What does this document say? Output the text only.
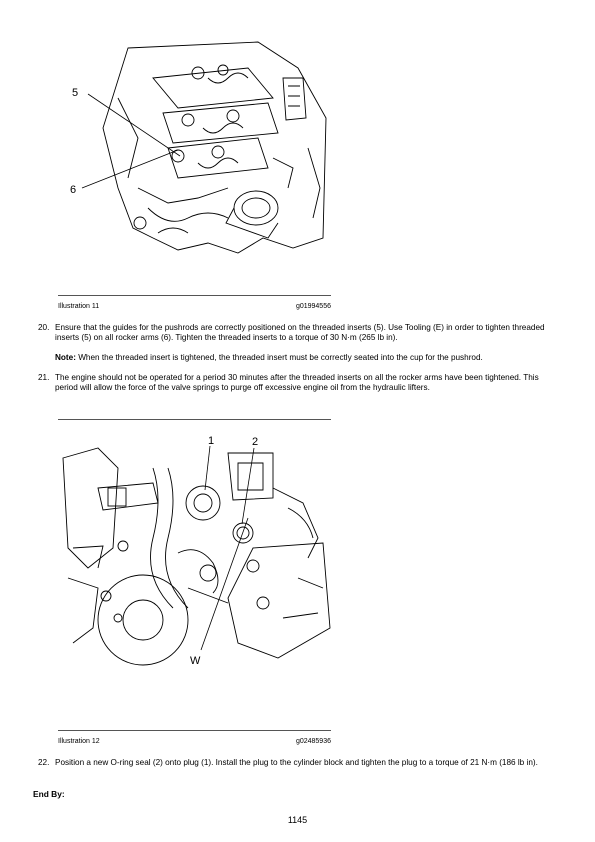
5
6
Illustration 11	g01994556
20. Ensure that the guides for the pushrods are correctly positioned on the threaded inserts (5). Use Tooling (E) in order to tighten threaded inserts (5) on all rocker arms (6). Tighten the threaded inserts to a torque of 30 N·m (265 lb in).
Note: When the threaded insert is tightened, the threaded insert must be correctly seated into the cup for the pushrod.
21. The engine should not be operated for a period 30 minutes after the threaded inserts on all the rocker arms have been tightened. This period will allow the force of the valve springs to purge off excessive engine oil from the hydraulic lifters.
1	2
W
Illustration 12	g02485936
22. Position a new O-ring seal (2) onto plug (1). Install the plug to the cylinder block and tighten the plug to a torque of 21 N·m (186 lb in).
End By:
1145
